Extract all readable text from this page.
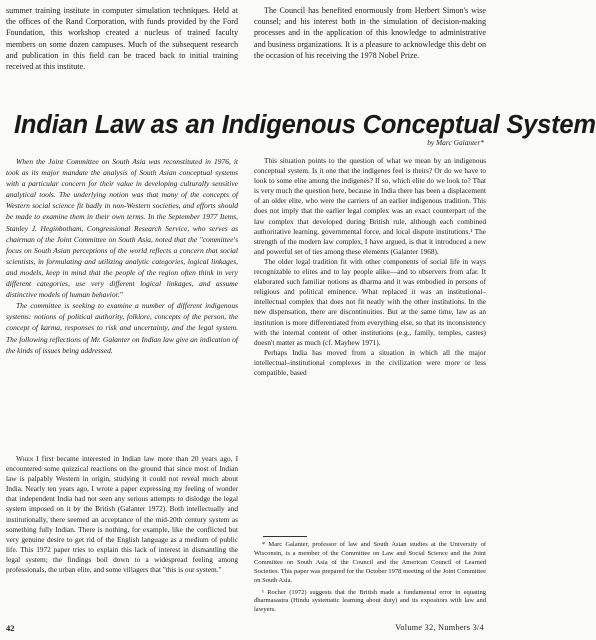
summer training institute in computer simulation techniques. Held at the offices of the Rand Corporation, with funds provided by the Ford Foundation, this workshop created a nucleus of trained faculty members on some dozen campuses. Much of the subsequent research and publication in this field can be traced back to initial training received at this institute.

The Council has benefited enormously from Herbert Simon's wise counsel; and his interest both in the simulation of decision-making processes and in the application of this knowledge to administrative and business organizations. It is a pleasure to acknowledge this debt on the occasion of his receiving the 1978 Nobel Prize.

Indian Law as an Indigenous Conceptual System
by Marc Galanter*

When the Joint Committee on South Asia was reconstituted in 1976, it took as its major mandate the analysis of South Asian conceptual systems with a particular concern for their value in developing culturally sensitive analytical tools. The underlying notion was that many of the concepts of Western social science fit badly in non-Western societies, and efforts should be made to examine them in their own terms. In the September 1977 Items, Stanley J. Heginbotham, Congressional Research Service, who serves as chairman of the Joint Committee on South Asia, noted that the "committee's focus on South Asian perceptions of the world reflects a concern that social scientists, in formulating and utilizing analytic categories, logical linkages, and models, keep in mind that the people of the region often think in very different categories, use very different logical linkages, and assume distinctive models of human behavior."

The committee is seeking to examine a number of different indigenous systems: notions of political authority, folklore, concepts of the person, the concept of karma, responses to risk and uncertainty, and the legal system. The following reflections of Mr. Galanter on Indian law give an indication of the kinds of issues being addressed.

When I first became interested in Indian law more than 20 years ago, I encountered some quizzical reactions on the ground that since most of Indian law is palpably Western in origin, studying it could not reveal much about India. Nearly ten years ago, I wrote a paper expressing my feeling of wonder that independent India had not seen any serious attempts to dislodge the legal system imposed on it by the British (Galanter 1972). Both intellectually and institutionally, there seemed an acceptance of the mid-20th century system as something fully Indian. There is nothing, for example, like the conflicted but very genuine desire to get rid of the English language as a medium of public life. This 1972 paper tries to explain this lack of interest in dismantling the legal system; the findings boil down to a widespread feeling among professionals, the urban elite, and some villagers that "this is our system."

This situation points to the question of what we mean by an indigenous conceptual system. Is it one that the indigenes feel is theirs? Or do we have to look to some elite among the indigenes? If so, which elite do we look to? That is very much the question here, because in India there has been a displacement of an older elite, who were the carriers of an earlier indigenous tradition. This does not imply that the earlier legal complex was an exact counterpart of the law complex that developed during British rule, although each combined authoritative learning, governmental force, and local dispute institutions.¹ The strength of the modern law complex, I have argued, is that it introduced a new and powerful set of ties among these elements (Galanter 1968).

The older legal tradition fit with other components of social life in ways recognizable to elites and to lay people alike—and to observers from afar. It elaborated such familiar notions as dharma and it was embodied in persons of religious and political eminence. What replaced it was an institutional–intellectual complex that does not fit neatly with the other institutions. In the new dispensation, there are discontinuities. But at the same time, law as an institution is more differentiated from everything else, so that its inconsistency with the internal content of other institutions (e.g., family, temples, castes) doesn't matter as much (cf. Mayhew 1971).

Perhaps India has moved from a situation in which all the major intellectual–institutional complexes in the civilization were more or less compatible, based

* Marc Galanter, professor of law and South Asian studies at the University of Wisconsin, is a member of the Committee on Law and Social Science and the Joint Committee on South Asia of the Council and the American Council of Learned Societies. This paper was prepared for the October 1978 meeting of the Joint Committee on South Asia.

¹ Rocher (1972) suggests that the British made a fundamental error in equating dharmasastra (Hindu systematic learning about duty) and its expositors with law and lawyers.

42	Volume 32, Numbers 3/4
